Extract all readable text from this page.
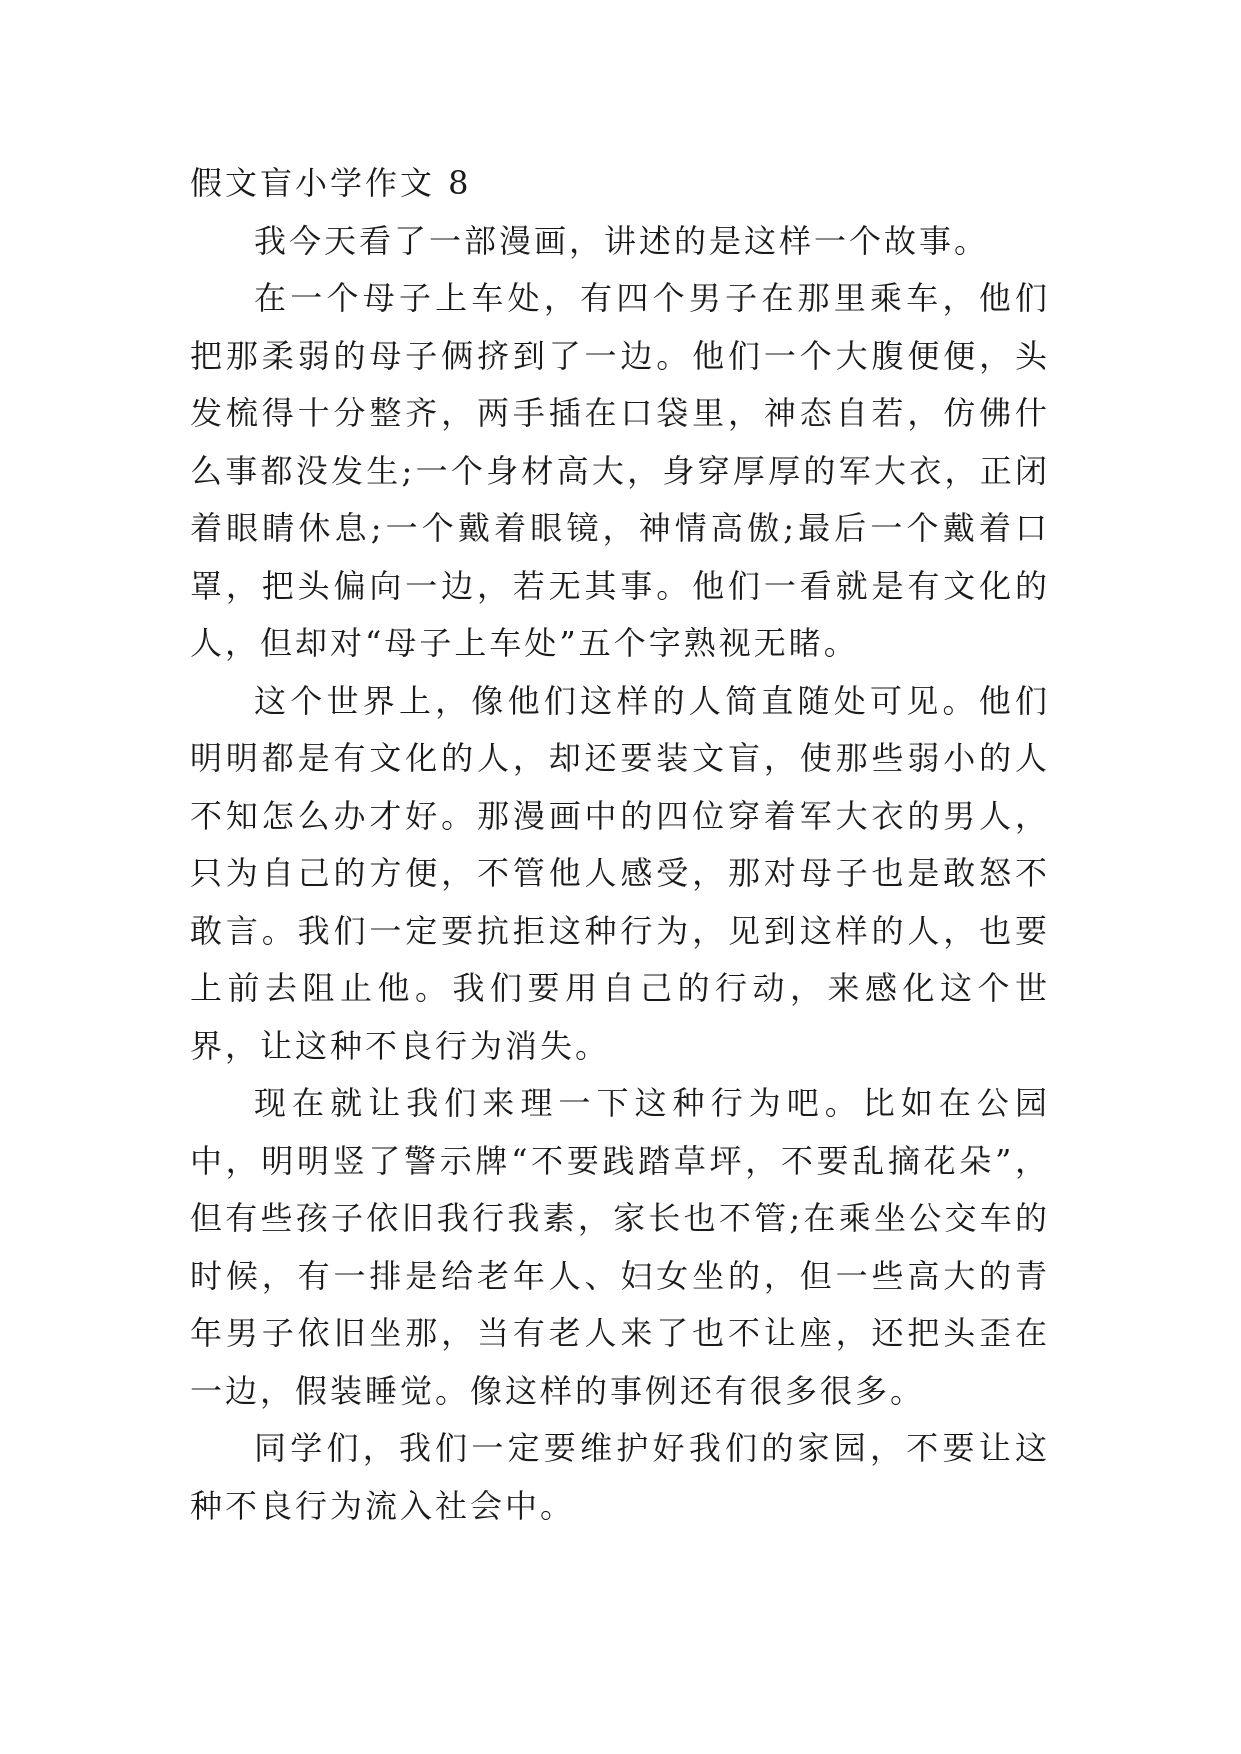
假文盲小学作文 8

我今天看了一部漫画，讲述的是这样一个故事。

在一个母子上车处，有四个男子在那里乘车，他们把那柔弱的母子俩挤到了一边。他们一个大腹便便，头发梳得十分整齐，两手插在口袋里，神态自若，仿佛什么事都没发生;一个身材高大，身穿厚厚的军大衣，正闭着眼睛休息;一个戴着眼镜，神情高傲;最后一个戴着口罩，把头偏向一边，若无其事。他们一看就是有文化的人，但却对“母子上车处”五个字熟视无睹。

这个世界上，像他们这样的人简直随处可见。他们明明都是有文化的人，却还要装文盲，使那些弱小的人不知怎么办才好。那漫画中的四位穿着军大衣的男人，只为自己的方便，不管他人感受，那对母子也是敢怒不敢言。我们一定要抗拒这种行为，见到这样的人，也要上前去阻止他。我们要用自己的行动，来感化这个世界，让这种不良行为消失。

现在就让我们来理一下这种行为吧。比如在公园中，明明竖了警示牌“不要践踏草坪，不要乱摘花朵”，但有些孩子依旧我行我素，家长也不管;在乘坐公交车的时候，有一排是给老年人、妇女坐的，但一些高大的青年男子依旧坐那，当有老人来了也不让座，还把头歪在一边，假装睡觉。像这样的事例还有很多很多。

同学们，我们一定要维护好我们的家园，不要让这种不良行为流入社会中。
